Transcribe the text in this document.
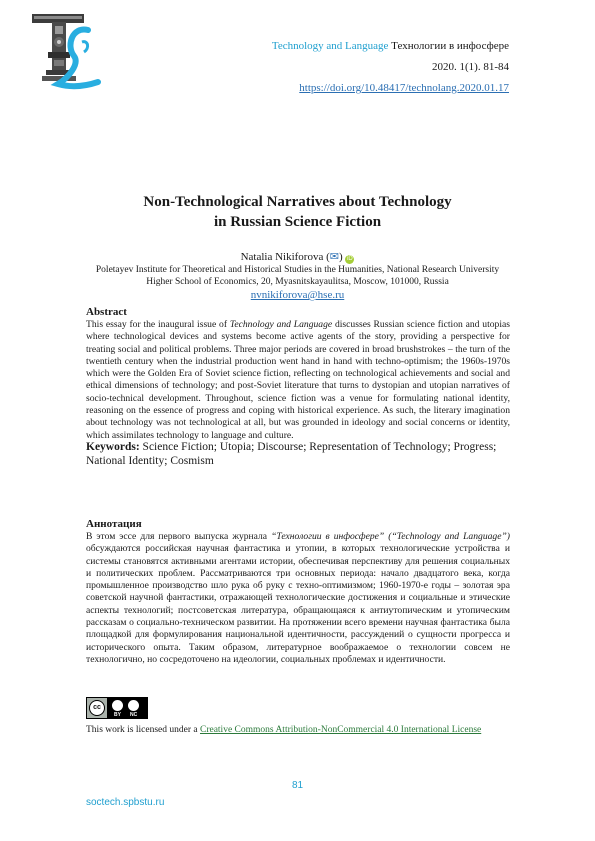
Technology and Language Технологии в инфосфере
2020. 1(1). 81-84
https://doi.org/10.48417/technolang.2020.01.17
Non-Technological Narratives about Technology
in Russian Science Fiction
Natalia Nikiforova (✉) iD
Poletayev Institute for Theoretical and Historical Studies in the Humanities, National Research University
Higher School of Economics, 20, Myasnitskayaulitsa, Moscow, 101000, Russia
nvnikiforova@hse.ru
Abstract
This essay for the inaugural issue of Technology and Language discusses Russian science fiction and utopias where technological devices and systems become active agents of the story, providing a perspective for treating social and political problems. Three major periods are covered in broad brushstrokes – the turn of the twentieth century when the industrial production went hand in hand with techno-optimism; the 1960s-1970s which were the Golden Era of Soviet science fiction, reflecting on technological achievements and social and ethical dimensions of technology; and post-Soviet literature that turns to dystopian and utopian narratives of socio-technical development. Throughout, science fiction was a venue for formulating national identity, reasoning on the essence of progress and coping with historical experience. As such, the literary imagination about technology was not technological at all, but was grounded in ideology and social concerns or identity, which assimilates technology to language and culture.
Keywords: Science Fiction; Utopia; Discourse; Representation of Technology; Progress; National Identity; Cosmism
Аннотация
В этом эссе для первого выпуска журнала “Технологии в инфосфере” (“Technology and Language”) обсуждаются российская научная фантастика и утопии, в которых технологические устройства и системы становятся активными агентами истории, обеспечивая перспективу для решения социальных и политических проблем. Рассматриваются три основных периода: начало двадцатого века, когда промышленное производство шло рука об руку с техно-оптимизмом; 1960-1970-е годы – золотая эра советской научной фантастики, отражающей технологические достижения и социальные и этические аспекты технологий; постсоветская литература, обращающаяся к антиутопическим и утопическим рассказам о социально-техническом развитии. На протяжении всего времени научная фантастика была площадкой для формулирования национальной идентичности, рассуждений о сущности прогресса и исторического опыта. Таким образом, литературное воображаемое о технологии совсем не технологично, но сосредоточено на идеологии, социальных проблемах и идентичности.
cc
BY NC
This work is licensed under a Creative Commons Attribution-NonCommercial 4.0 International License
81
soctech.spbstu.ru
